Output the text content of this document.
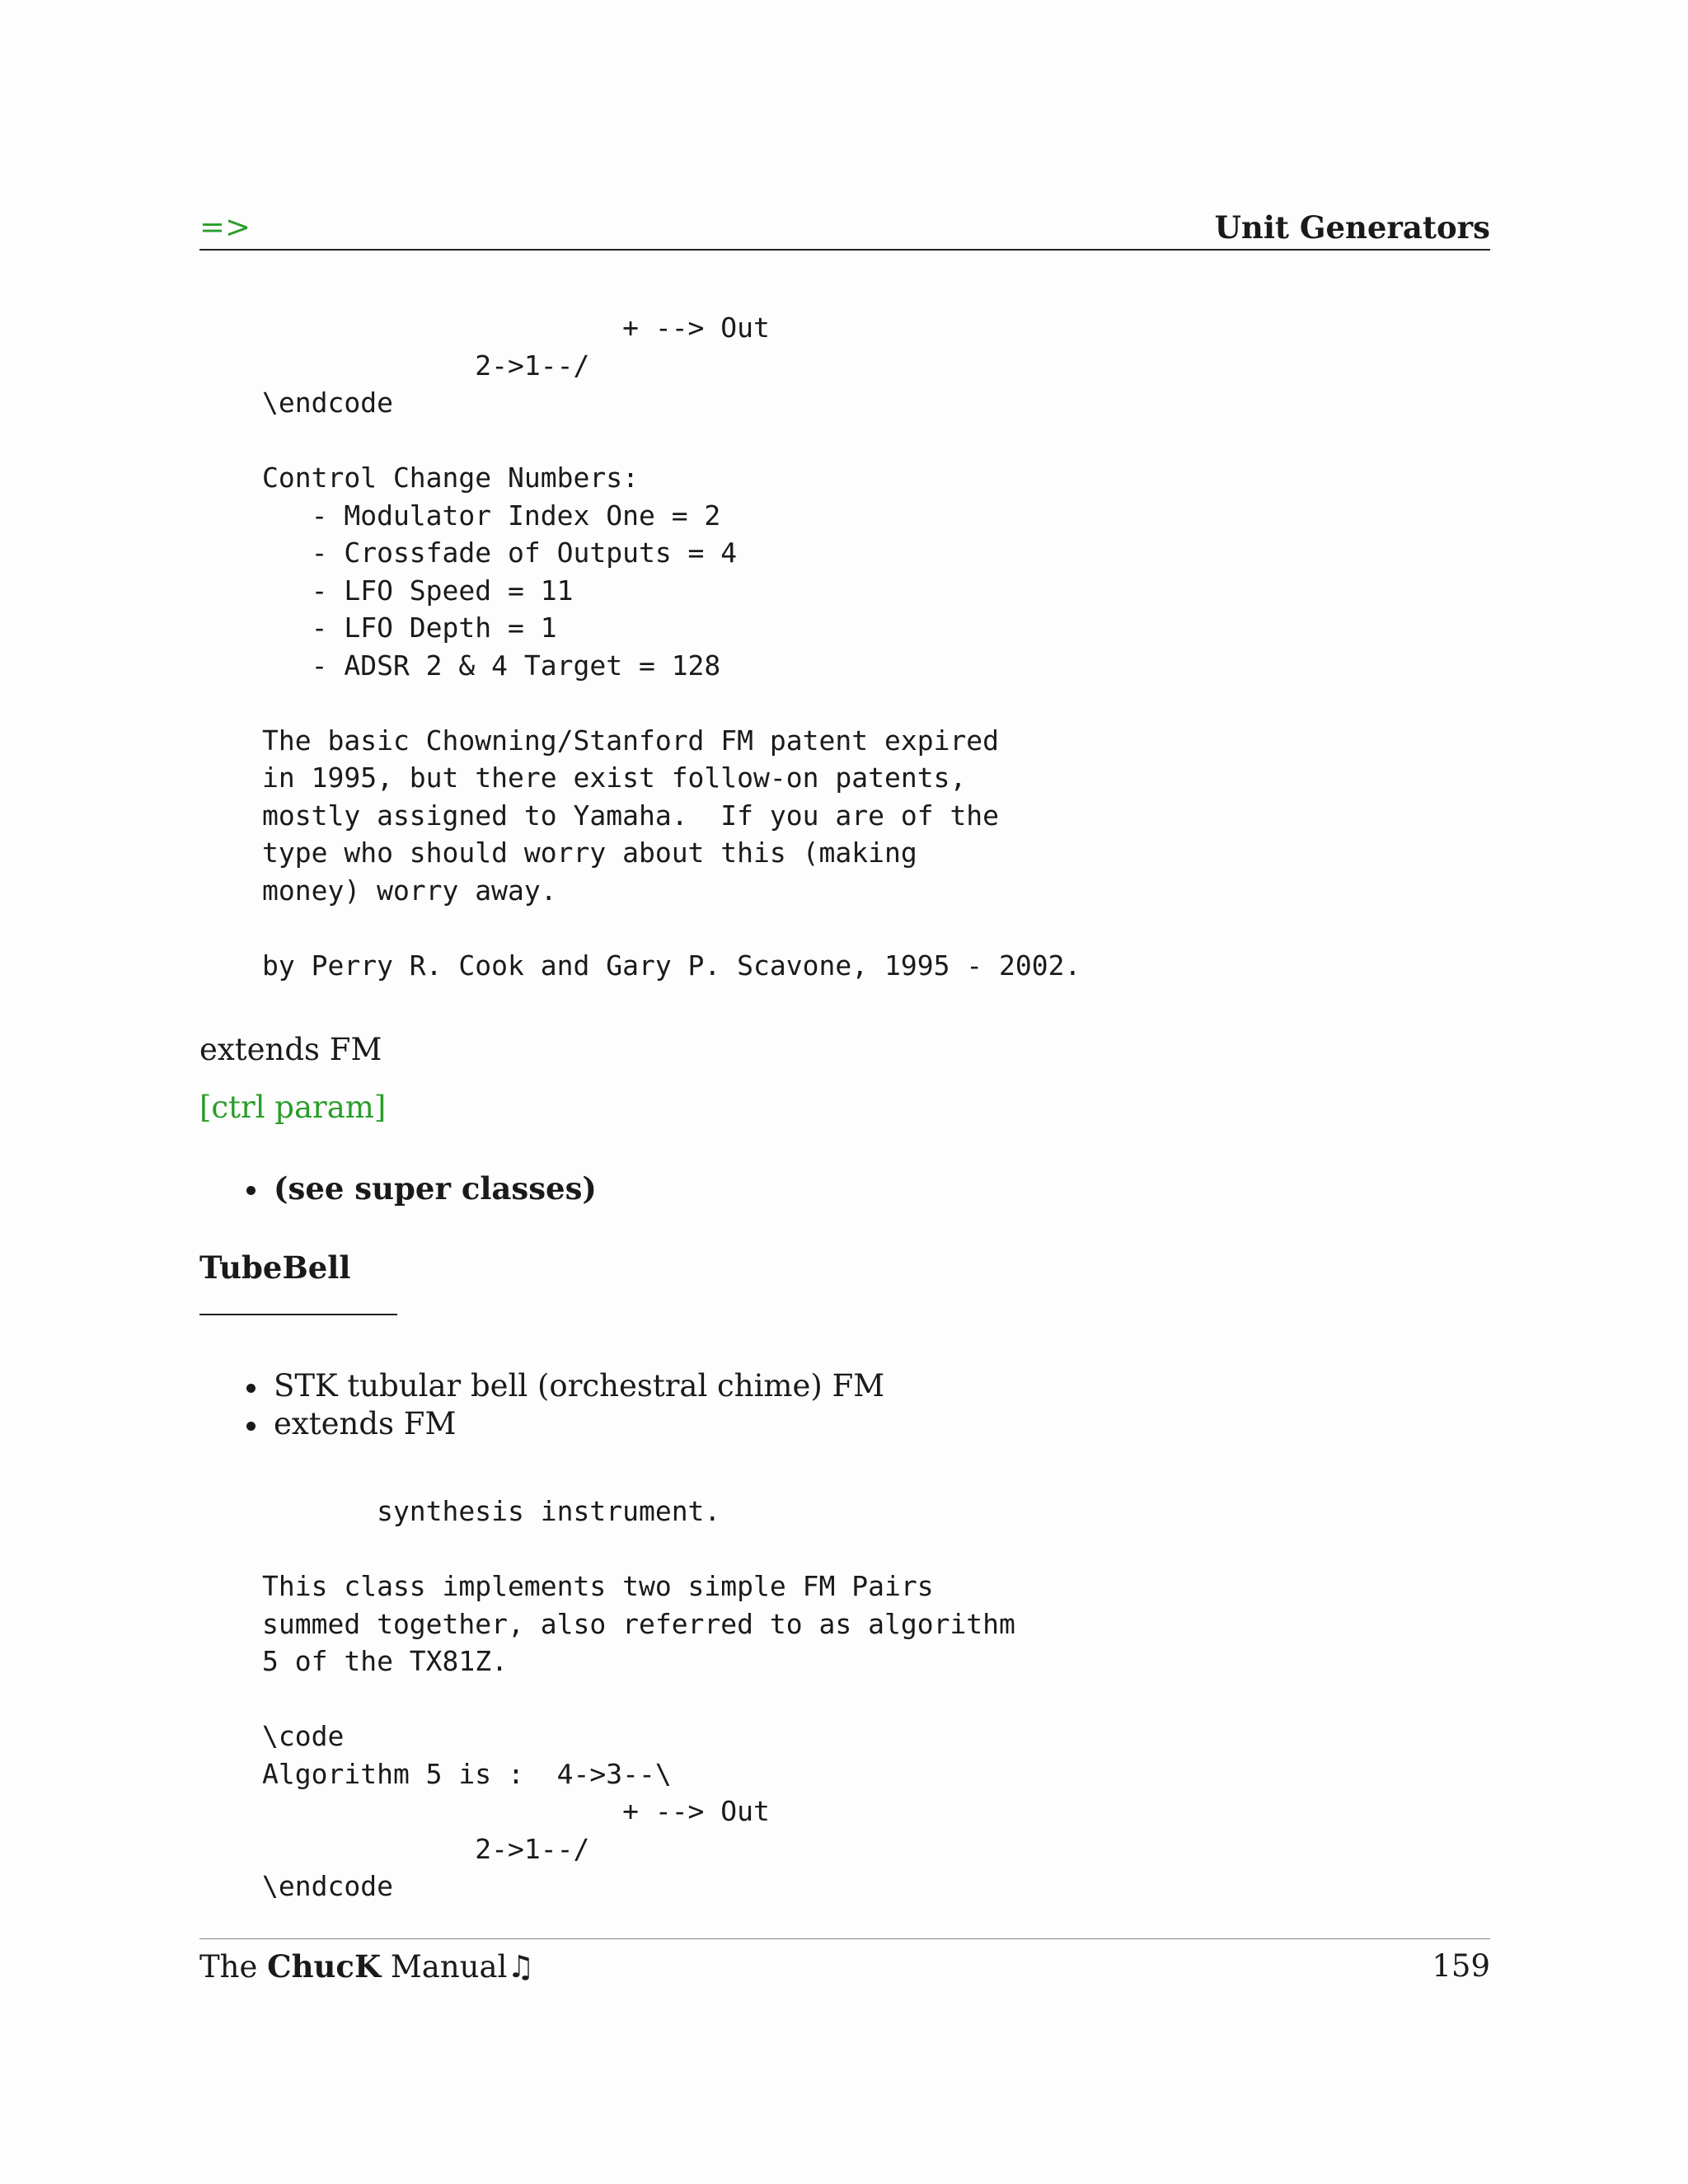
=>	Unit Generators
+ --> Out
2->1--/
\endcode

Control Change Numbers:
- Modulator Index One = 2
- Crossfade of Outputs = 4
- LFO Speed = 11
- LFO Depth = 1
- ADSR 2 & 4 Target = 128

The basic Chowning/Stanford FM patent expired
in 1995, but there exist follow-on patents,
mostly assigned to Yamaha.  If you are of the
type who should worry about this (making
money) worry away.

by Perry R. Cook and Gary P. Scavone, 1995 - 2002.
extends FM
[ctrl param]
(see super classes)
TubeBell
STK tubular bell (orchestral chime) FM
extends FM
synthesis instrument.

This class implements two simple FM Pairs
summed together, also referred to as algorithm
5 of the TX81Z.

\code
Algorithm 5 is :  4->3--\
+ --> Out
2->1--/
\endcode
The ChucK Manual♫	159
